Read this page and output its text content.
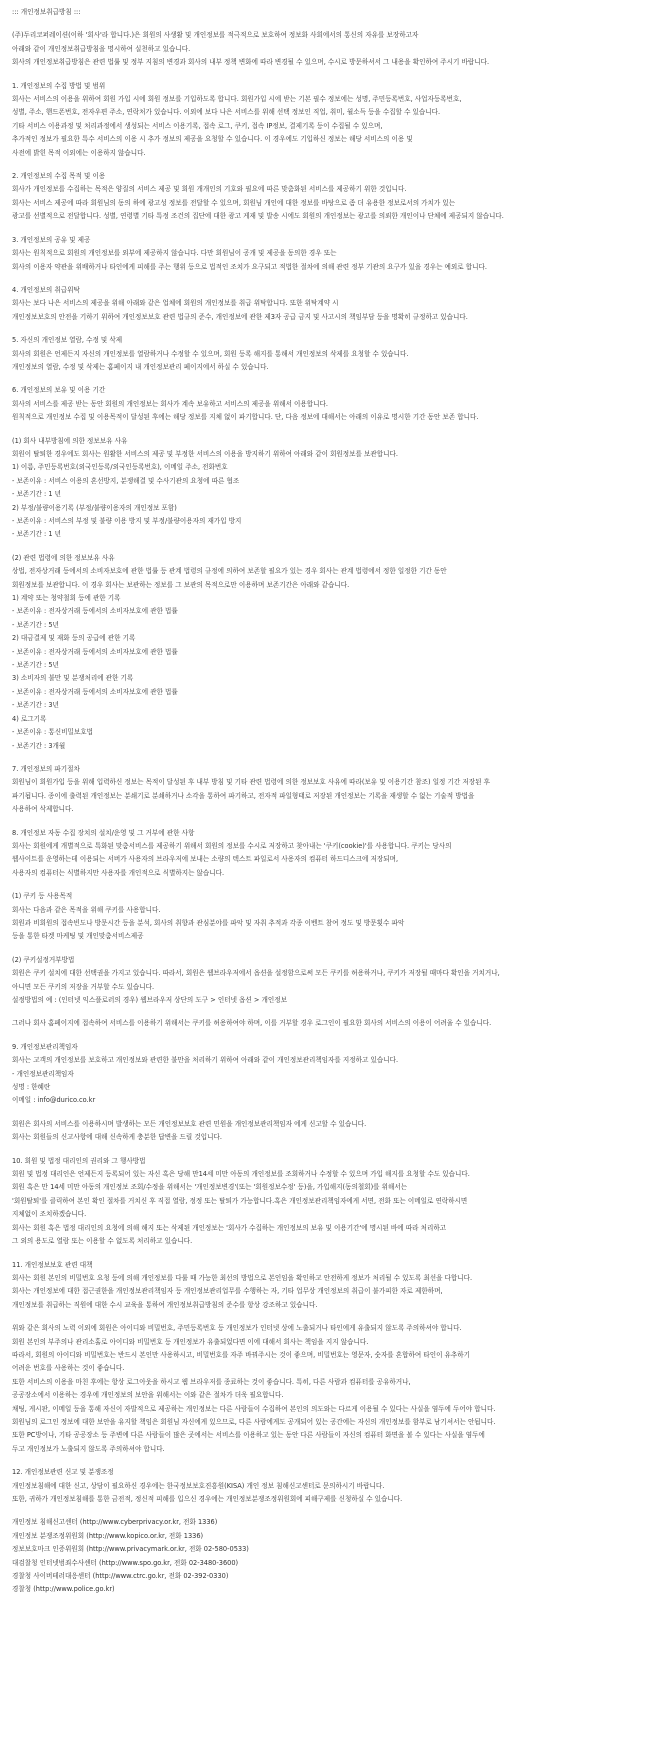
::: 개인정보취급방침 :::

(주)두리코퍼레이션(이하 '회사'라 합니다.)은 회원의 사생활 및 개인정보를 적극적으로 보호하여 정보화 사회에서의 통신의 자유를 보장하고자
아래와 같이 개인정보취급방침을 명시하여 실천하고 있습니다.
회사의 개인정보취급방침은 관련 법률 및 정부 지침의 변경과 회사의 내부 정책 변화에 따라 변경될 수 있으며, 수시로 방문하셔서 그 내용을 확인하여 주시기 바랍니다.
1. 개인정보의 수집 방법 및 범위
회사는 서비스의 이용을 위하여 회원 가입 시에 회원 정보를 기입하도록 합니다. 회원가입 시에 받는 기본 필수 정보에는 성명, 주민등록번호, 사업자등록번호,
성별, 주소, 핸드폰번호, 전자우편 주소, 연락처가 있습니다. 이외에 보다 나은 서비스를 위해 선택 정보인 직업, 취미, 월소득 등을 수집할 수 있습니다.
기타 서비스 이용과정 및 처리과정에서 생성되는 서비스 이용기록, 접속 로그, 쿠키, 접속 IP정보, 결제기록 등이 수집될 수 있으며,
추가적인 정보가 필요한 특수 서비스의 이용 시 추가 정보의 제공을 요청할 수 있습니다. 이 경우에도 기입하신 정보는 해당 서비스의 이용 및
사전에 밝힌 목적 이외에는 이용하지 않습니다.
2. 개인정보의 수집 목적 및 이용
회사가 개인정보를 수집하는 목적은 양질의 서비스 제공 및 회원 개개인의 기호와 필요에 따른 맞춤화된 서비스를 제공하기 위한 것입니다.
회사는 서비스 제공에 따라 회원님의 동의 하에 광고성 정보를 전달할 수 있으며, 회원님 개인에 대한 정보를 바탕으로 좀 더 유용한 정보로서의 가치가 있는
광고를 선별적으로 전달합니다. 성별, 연령별 기타 특정 조건의 집단에 대한 광고 게재 및 발송 시에도 회원의 개인정보는 광고를 의뢰한 개인이나 단체에 제공되지 않습니다.
3. 개인정보의 공유 및 제공
회사는 원칙적으로 회원의 개인정보를 외부에 제공하지 않습니다. 다만 회원님이 공개 및 제공을 동의한 경우 또는
회사의 이용자 약관을 위배하거나 타인에게 피해를 주는 행위 등으로 법적인 조치가 요구되고 적법한 절차에 의해 관련 정부 기관의 요구가 있을 경우는 예외로 합니다.
4. 개인정보의 취급위탁
회사는 보다 나은 서비스의 제공을 위해 아래와 같은 업체에 회원의 개인정보를 취급 위탁합니다. 또한 위탁계약 시
개인정보보호의 안전을 기하기 위하여 개인정보보호 관련 법규의 준수, 개인정보에 관한 제3자 공급 금지 및 사고시의 책임부담 등을 명확히 규정하고 있습니다.
5. 자신의 개인정보 열람, 수정 및 삭제
회사의 회원은 언제든지 자신의 개인정보를 열람하거나 수정할 수 있으며, 회원 등록 해지를 통해서 개인정보의 삭제를 요청할 수 있습니다.
개인정보의 열람, 수정 및 삭제는 홈페이지 내 개인정보관리 페이지에서 하실 수 있습니다.
6. 개인정보의 보유 및 이용 기간
회사의 서비스를 제공 받는 동안 회원의 개인정보는 회사가 계속 보유하고 서비스의 제공을 위해서 이용합니다.
원칙적으로 개인정보 수집 및 이용목적이 달성된 후에는 해당 정보를 지체 없이 파기합니다. 단, 다음 정보에 대해서는 아래의 이유로 명시한 기간 동안 보존 합니다.
(1) 회사 내부방침에 의한 정보보유 사유
회원이 탈퇴한 경우에도 회사는 원활한 서비스의 제공 및 부정한 서비스의 이용을 방지하기 위하여 아래와 같이 회원정보를 보관합니다.
1) 이름, 주민등록번호(외국인등록/외국인등록번호), 이메일 주소, 전화번호
- 보존이유 : 서비스 이용의 혼선방지, 분쟁해결 및 수사기관의 요청에 따른 협조
- 보존기간 : 1 년
2) 부정/불량이용기록 (부정/불량이용자의 개인정보 포함)
- 보존이유 : 서비스의 부정 및 불량 이용 방지 및 부정/불량이용자의 재가입 방지
- 보존기간 : 1 년
(2) 관련 법령에 의한 정보보유 사유
상법, 전자상거래 등에서의 소비자보호에 관한 법률 등 관계 법령의 규정에 의하여 보존할 필요가 있는 경우 회사는 관계 법령에서 정한 일정한 기간 동안
회원정보를 보관합니다. 이 경우 회사는 보관하는 정보를 그 보관의 목적으로만 이용하며 보존기간은 아래와 같습니다.
1) 계약 또는 청약철회 등에 관한 기록
- 보존이유 : 전자상거래 등에서의 소비자보호에 관한 법률
- 보존기간 : 5년
2) 대금결제 및 재화 등의 공급에 관한 기록
- 보존이유 : 전자상거래 등에서의 소비자보호에 관한 법률
- 보존기간 : 5년
3) 소비자의 불만 및 분쟁처리에 관한 기록
- 보존이유 : 전자상거래 등에서의 소비자보호에 관한 법률
- 보존기간 : 3년
4) 로그기록
- 보존이유 : 통신비밀보호법
- 보존기간 : 3개월
7. 개인정보의 파기절차
회원님이 회원가입 등을 위해 입력하신 정보는 목적이 달성된 후 내부 방침 및 기타 관련 법령에 의한 정보보호 사유에 따라(보유 및 이용기간 참조) 일정 기간 저장된 후
파기됩니다. 종이에 출력된 개인정보는 분쇄기로 분쇄하거나 소각을 통하여 파기하고, 전자적 파일형태로 저장된 개인정보는 기록을 재생할 수 없는 기술적 방법을
사용하여 삭제합니다.
8. 개인정보 자동 수집 장치의 설치/운영 및 그 거부에 관한 사항
회사는 회원에게 개별적으로 특화된 맞춤서비스를 제공하기 위해서 회원의 정보를 수시로 저장하고 찾아내는 '쿠키(cookie)'를 사용합니다. 쿠키는 당사의
웹사이트를 운영하는데 이용되는 서버가 사용자의 브라우저에 보내는 소량의 텍스트 파일로서 사용자의 컴퓨터 하드디스크에 저장되며,
사용자의 컴퓨터는 식별하지만 사용자를 개인적으로 식별하지는 않습니다.
(1) 쿠키 등 사용목적
회사는 다음과 같은 목적을 위해 쿠키를 사용합니다.
회원과 비회원의 접속빈도나 방문시간 등을 분석, 회사의 취향과 관심분야를 파악 및 자취 추적과 각종 이벤트 참여 정도 및 방문횟수 파악
등을 통한 타겟 마케팅 및 개인맞춤서비스제공
(2) 쿠키설정거부방법
회원은 쿠키 설치에 대한 선택권을 가지고 있습니다. 따라서, 회원은 웹브라우저에서 옵션을 설정함으로써 모든 쿠키를 허용하거나, 쿠키가 저장될 때마다 확인을 거치거나,
아니면 모든 쿠키의 저장을 거부할 수도 있습니다.
설정방법의 예 : (인터넷 익스플로러의 경우) 웹브라우저 상단의 도구 > 인터넷 옵션 > 개인정보
그러나 회사 홈페이지에 접속하여 서비스를 이용하기 위해서는 쿠키를 허용하여야 하며, 이를 거부할 경우 로그인이 필요한 회사의 서비스의 이용이 어려울 수 있습니다.
9. 개인정보관리책임자
회사는 고객의 개인정보를 보호하고 개인정보와 관련한 불만을 처리하기 위하여 아래와 같이 개인정보관리책임자를 지정하고 있습니다.
- 개인정보관리책임자
성명 : 한혜란
이메일 : info@durico.co.kr
회원은 회사의 서비스를 이용하시며 발생하는 모든 개인정보보호 관련 민원을 개인정보관리책임자 에게 신고할 수 있습니다.
회사는 회원들의 신고사항에 대해 신속하게 충분한 답변을 드릴 것입니다.
10. 회원 및 법정 대리인의 권리와 그 행사방법
회원 및 법정 대리인은 언제든지 등록되어 있는 자신 혹은 당해 만14세 미만 아동의 개인정보를 조회하거나 수정할 수 있으며 가입 해지를 요청할 수도 있습니다.
회원 혹은 만 14세 미만 아동의 개인정보 조회/수정을 위해서는 '개인정보변경'(또는 '회원정보수정' 등)을, 가입해지(동의철회)를 위해서는
'회원탈퇴'를 클릭하여 본인 확인 절차를 거치신 후 직접 열람, 정정 또는 탈퇴가 가능합니다.혹은 개인정보관리책임자에게 서면, 전화 또는 이메일로 연락하시면
지체없이 조치하겠습니다.
회사는 회원 혹은 법정 대리인의 요청에 의해 해지 또는 삭제된 개인정보는 '회사가 수집하는 개인정보의 보유 및 이용기간'에 명시된 바에 따라 처리하고
그 외의 용도로 열람 또는 이용할 수 없도록 처리하고 있습니다.
11. 개인정보보호 관련 대책
회사는 회원 본인의 비밀번호 요청 등에 의해 개인정보를 다룰 때 가능한 최선의 방법으로 본인임을 확인하고 안전하게 정보가 처리될 수 있도록 최선을 다합니다.
회사는 개인정보에 대한 접근권한을 개인정보관리책임자 등 개인정보관리업무를 수행하는 자, 기타 업무상 개인정보의 취급이 불가피한 자로 제한하며,
개인정보를 취급하는 직원에 대한 수시 교육을 통하여 개인정보취급방침의 준수를 항상 강조하고 있습니다.
위와 같은 회사의 노력 이외에 회원은 아이디와 비밀번호, 주민등록번호 등 개인정보가 인터넷 상에 노출되거나 타인에게 유출되지 않도록 주의하셔야 합니다.
회원 본인의 부주의나 관리소홀로 아이디와 비밀번호 등 개인정보가 유출되었다면 이에 대해서 회사는 책임을 지지 않습니다.
따라서, 회원의 아이디와 비밀번호는 반드시 본인만 사용하시고, 비밀번호를 자주 바꿔주시는 것이 좋으며, 비밀번호는 영문자, 숫자를 혼합하여 타인이 유추하기
어려운 번호를 사용하는 것이 좋습니다.
또한 서비스의 이용을 마친 후에는 항상 로그아웃을 하시고 웹 브라우저를 종료하는 것이 좋습니다. 특히, 다른 사람과 컴퓨터를 공유하거나,
공공장소에서 이용하는 경우에 개인정보의 보안을 위해서는 이와 같은 절차가 더욱 필요합니다.
채팅, 게시판, 이메일 등을 통해 자신이 자발적으로 제공하는 개인정보는 다른 사람들이 수집하여 본인의 의도와는 다르게 이용될 수 있다는 사실을 염두에 두어야 합니다.
회원님의 로그인 정보에 대한 보안을 유지할 책임은 회원님 자신에게 있으므로, 다른 사람에게도 공개되어 있는 공간에는 자신의 개인정보를 함부로 남기셔서는 안됩니다.
또한 PC방이나, 기타 공공장소 등 주변에 다른 사람들이 많은 곳에서는 서비스를 이용하고 있는 동안 다른 사람들이 자신의 컴퓨터 화면을 볼 수 있다는 사실을 염두에
두고 개인정보가 노출되지 않도록 주의하셔야 합니다.
12. 개인정보관련 신고 및 분쟁조정
개인정보침해에 대한 신고, 상담이 필요하신 경우에는 한국정보보호진흥원(KISA) 개인 정보 침해신고센터로 문의하시기 바랍니다.
또한, 귀하가 개인정보침해를 통한 금전적, 정신적 피해를 입으신 경우에는 개인정보분쟁조정위원회에 피해구제를 신청하실 수 있습니다.
개인정보 침해신고센터 (http://www.cyberprivacy.or.kr, 전화 1336)
개인정보 분쟁조정위원회 (http://www.kopico.or.kr, 전화 1336)
정보보호마크 인증위원회 (http://www.privacymark.or.kr, 전화 02-580-0533)
대검찰청 인터넷범죄수사센터 (http://www.spo.go.kr, 전화 02-3480-3600)
경찰청 사이버테러대응센터 (http://www.ctrc.go.kr, 전화 02-392-0330)
경찰청 (http://www.police.go.kr)
